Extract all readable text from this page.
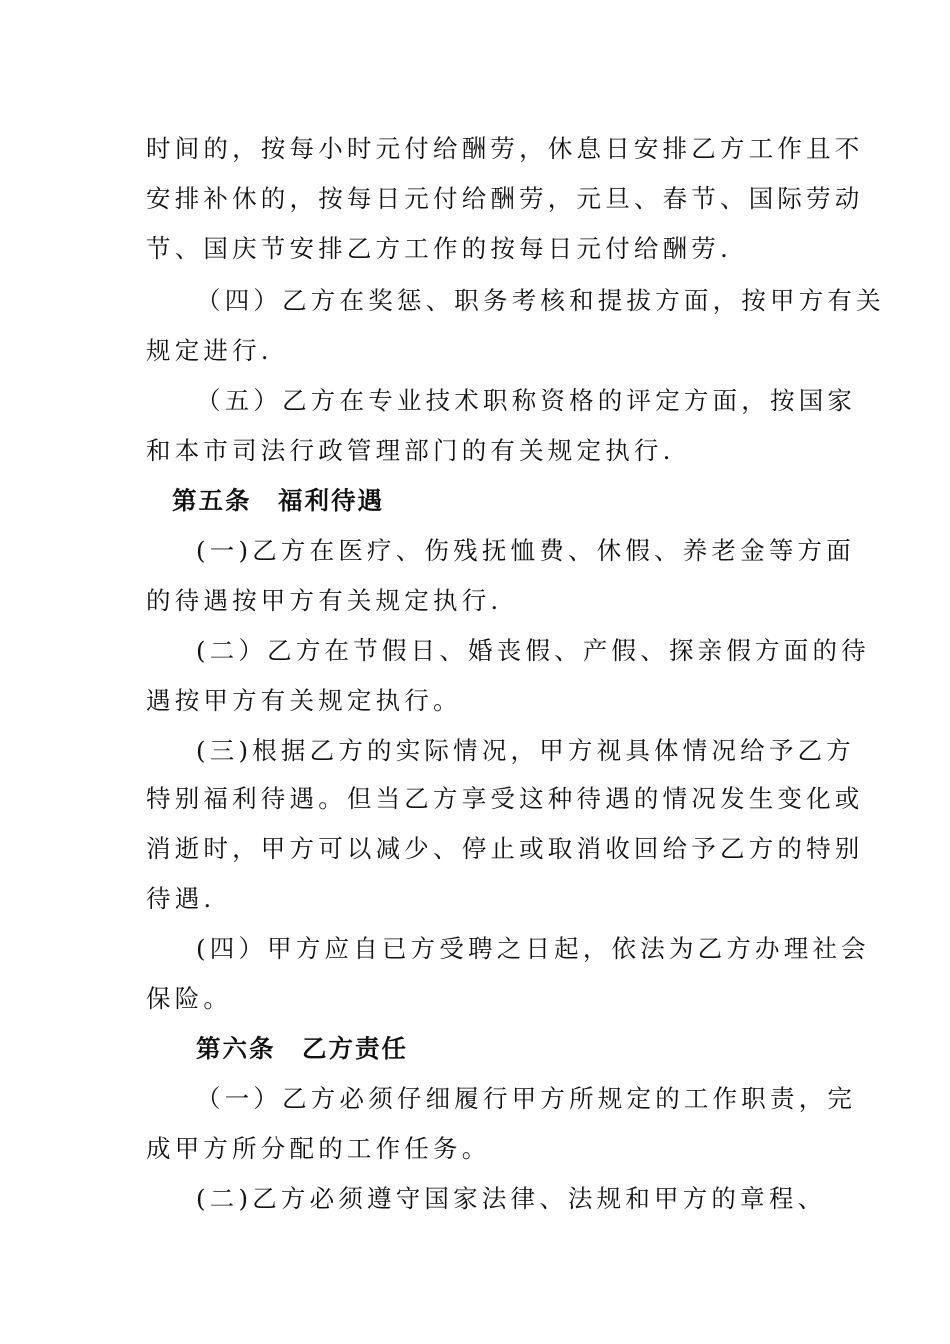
时间的，按每小时元付给酬劳，休息日安排乙方工作且不
安排补休的，按每日元付给酬劳，元旦、春节、国际劳动
节、国庆节安排乙方工作的按每日元付给酬劳.
（四）乙方在奖惩、职务考核和提拔方面，按甲方有关
规定进行.
（五）乙方在专业技术职称资格的评定方面，按国家
和本市司法行政管理部门的有关规定执行.
第五条　福利待遇
(一)乙方在医疗、伤残抚恤费、休假、养老金等方面
的待遇按甲方有关规定执行.
(二）乙方在节假日、婚丧假、产假、探亲假方面的待
遇按甲方有关规定执行。
(三)根据乙方的实际情况，甲方视具体情况给予乙方
特别福利待遇。但当乙方享受这种待遇的情况发生变化或
消逝时，甲方可以减少、停止或取消收回给予乙方的特别
待遇.
(四）甲方应自已方受聘之日起，依法为乙方办理社会
保险。
第六条　乙方责任
（一）乙方必须仔细履行甲方所规定的工作职责，完
成甲方所分配的工作任务。
(二)乙方必须遵守国家法律、法规和甲方的章程、
